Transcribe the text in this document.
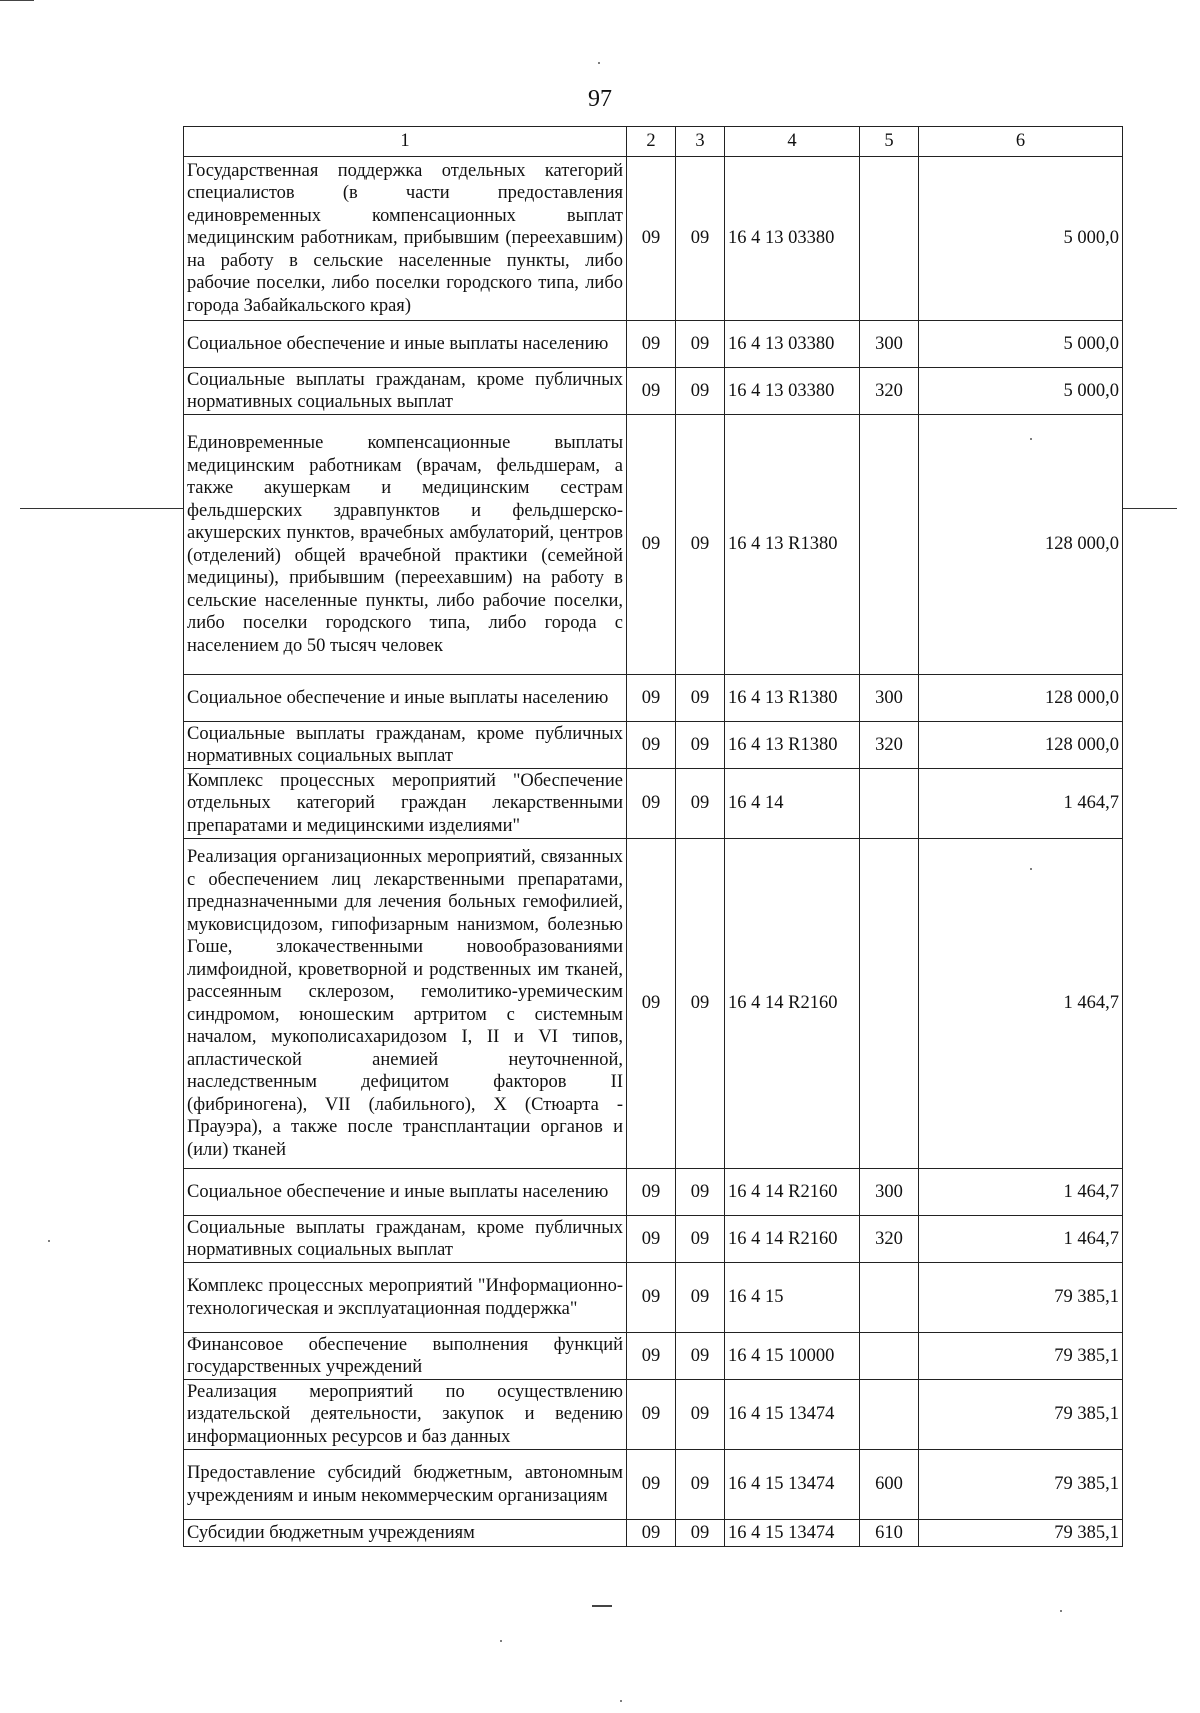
97
1	2	3	4	5	6
Государственная поддержка отдельных категорий специалистов (в части предоставления единовременных компенсационных выплат медицинским работникам, прибывшим (переехавшим) на работу в сельские населенные пункты, либо рабочие поселки, либо поселки городского типа, либо города Забайкальского края)	09	09	16 4 13 03380		5 000,0
Социальное обеспечение и иные выплаты населению	09	09	16 4 13 03380	300	5 000,0
Социальные выплаты гражданам, кроме публичных нормативных социальных выплат	09	09	16 4 13 03380	320	5 000,0
Единовременные компенсационные выплаты медицинским работникам (врачам, фельдшерам, а также акушеркам и медицинским сестрам фельдшерских здравпунктов и фельдшерско-акушерских пунктов, врачебных амбулаторий, центров (отделений) общей врачебной практики (семейной медицины), прибывшим (переехавшим) на работу в сельские населенные пункты, либо рабочие поселки, либо поселки городского типа, либо города с населением до 50 тысяч человек	09	09	16 4 13 R1380		128 000,0
Социальное обеспечение и иные выплаты населению	09	09	16 4 13 R1380	300	128 000,0
Социальные выплаты гражданам, кроме публичных нормативных социальных выплат	09	09	16 4 13 R1380	320	128 000,0
Комплекс процессных мероприятий "Обеспечение отдельных категорий граждан лекарственными препаратами и медицинскими изделиями"	09	09	16 4 14		1 464,7
Реализация организационных мероприятий, связанных с обеспечением лиц лекарственными препаратами, предназначенными для лечения больных гемофилией, муковисцидозом, гипофизарным нанизмом, болезнью Гоше, злокачественными новообразованиями лимфоидной, кроветворной и родственных им тканей, рассеянным склерозом, гемолитико-уремическим синдромом, юношеским артритом с системным началом, мукополисахаридозом I, II и VI типов, апластической анемией неуточненной, наследственным дефицитом факторов II (фибриногена), VII (лабильного), X (Стюарта - Прауэра), а также после трансплантации органов и (или) тканей	09	09	16 4 14 R2160		1 464,7
Социальное обеспечение и иные выплаты населению	09	09	16 4 14 R2160	300	1 464,7
Социальные выплаты гражданам, кроме публичных нормативных социальных выплат	09	09	16 4 14 R2160	320	1 464,7
Комплекс процессных мероприятий "Информационно-технологическая и эксплуатационная поддержка"	09	09	16 4 15		79 385,1
Финансовое обеспечение выполнения функций государственных учреждений	09	09	16 4 15 10000		79 385,1
Реализация мероприятий по осуществлению издательской деятельности, закупок и ведению информационных ресурсов и баз данных	09	09	16 4 15 13474		79 385,1
Предоставление субсидий бюджетным, автономным учреждениям и иным некоммерческим организациям	09	09	16 4 15 13474	600	79 385,1
Субсидии бюджетным учреждениям	09	09	16 4 15 13474	610	79 385,1
